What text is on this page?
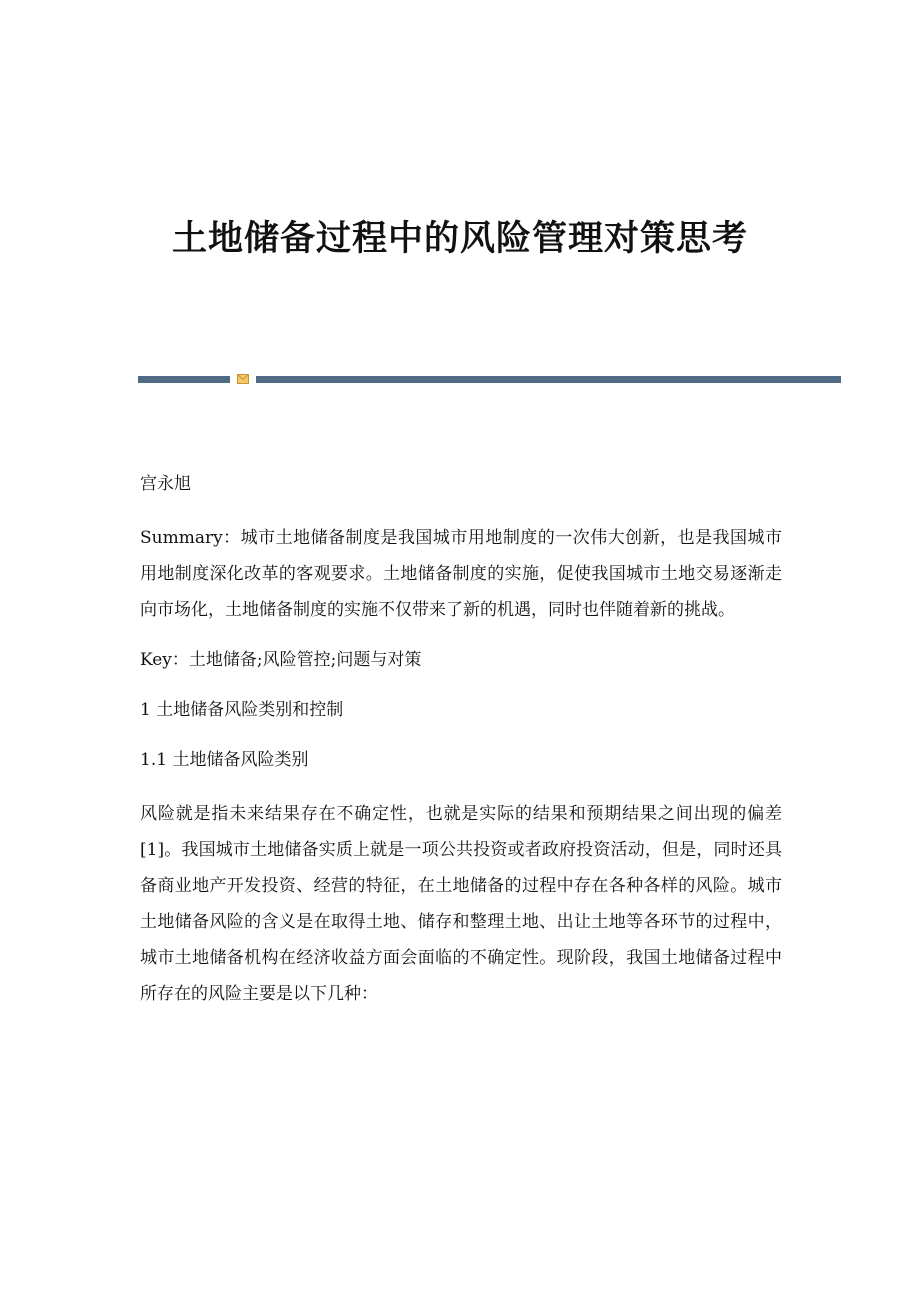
土地储备过程中的风险管理对策思考

宫永旭

Summary：城市土地储备制度是我国城市用地制度的一次伟大创新，也是我国城市用地制度深化改革的客观要求。土地储备制度的实施，促使我国城市土地交易逐渐走向市场化，土地储备制度的实施不仅带来了新的机遇，同时也伴随着新的挑战。

Key：土地储备;风险管控;问题与对策

1 土地储备风险类别和控制

1.1 土地储备风险类别

风险就是指未来结果存在不确定性，也就是实际的结果和预期结果之间出现的偏差[1]。我国城市土地储备实质上就是一项公共投资或者政府投资活动，但是，同时还具备商业地产开发投资、经营的特征，在土地储备的过程中存在各种各样的风险。城市土地储备风险的含义是在取得土地、储存和整理土地、出让土地等各环节的过程中，城市土地储备机构在经济收益方面会面临的不确定性。现阶段，我国土地储备过程中所存在的风险主要是以下几种：
